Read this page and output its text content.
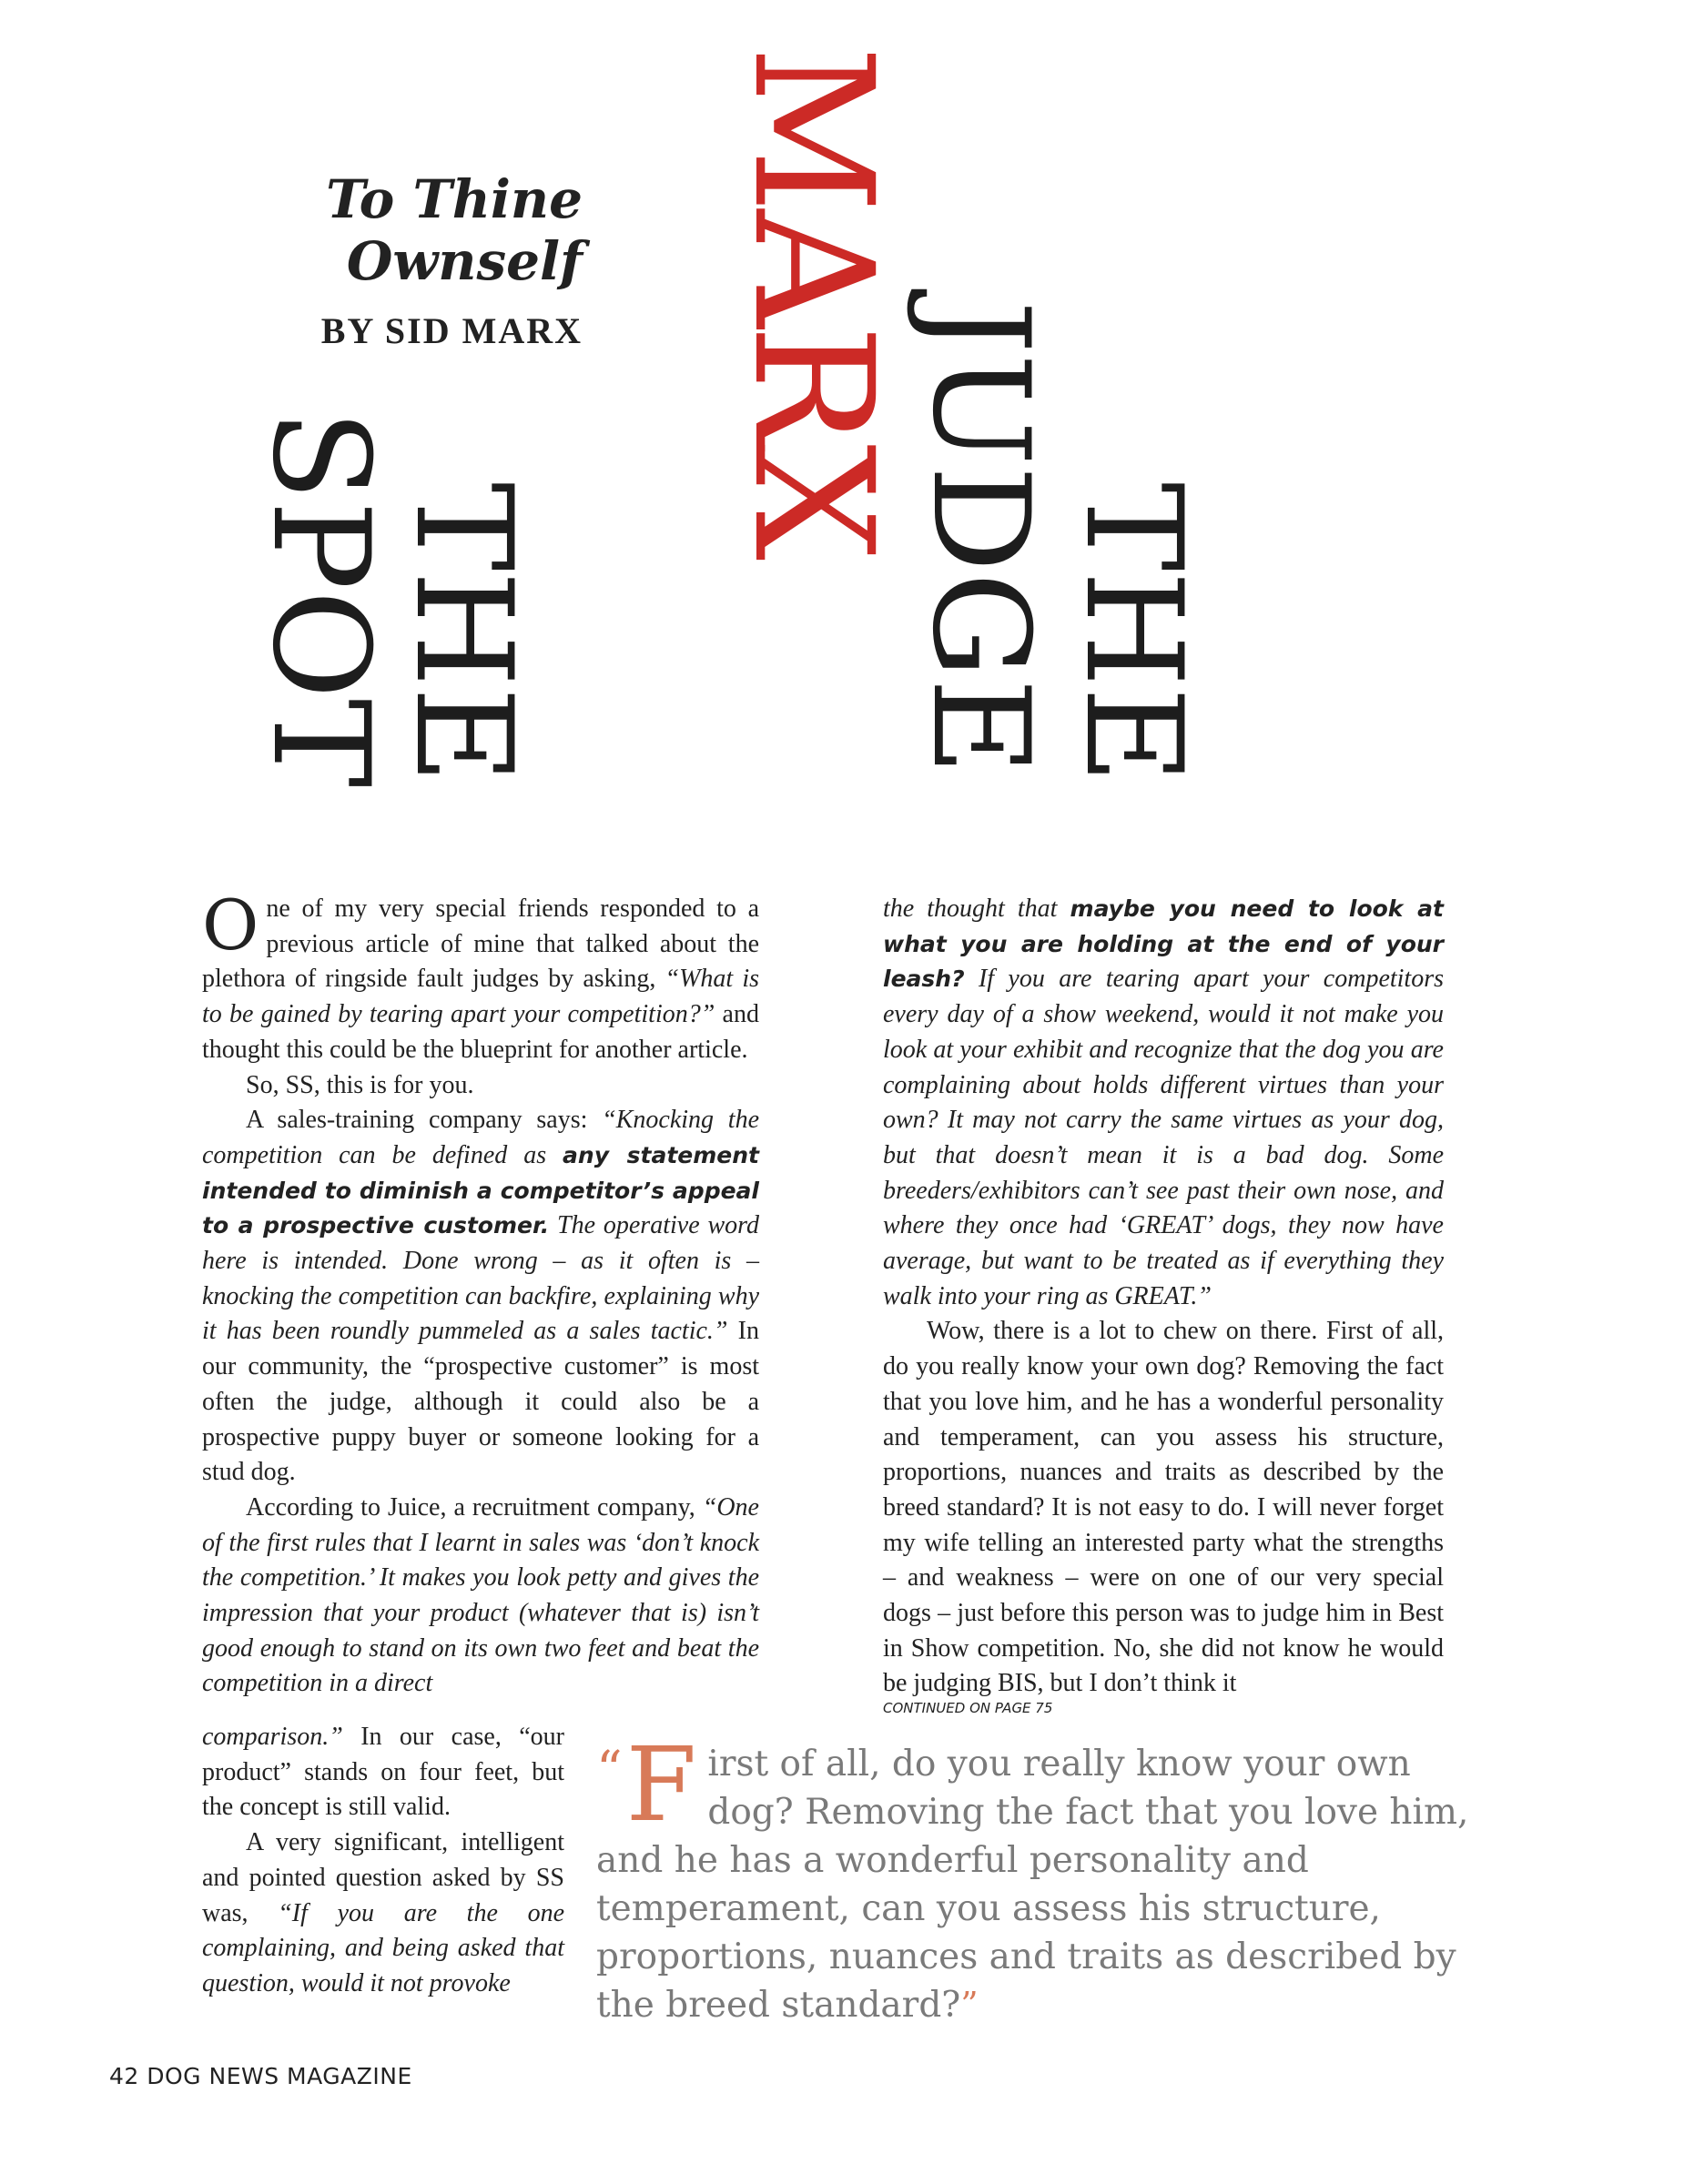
To Thine Ownself
BY SID MARX
THE
JUDGE
MARX
THE
SPOT

One of my very special friends responded to a previous article of mine that talked about the plethora of ringside fault judges by asking, “What is to be gained by tearing apart your competition?” and thought this could be the blueprint for another article.

So, SS, this is for you.

A sales-training company says: “Knocking the competition can be defined as any statement intended to diminish a competitor’s appeal to a prospective customer. The operative word here is intended. Done wrong – as it often is – knocking the competition can backfire, explaining why it has been roundly pummeled as a sales tactic.” In our community, the “prospective customer” is most often the judge, although it could also be a prospective puppy buyer or someone looking for a stud dog.

According to Juice, a recruitment company, “One of the first rules that I learnt in sales was ‘don’t knock the competition.’ It makes you look petty and gives the impression that your product (whatever that is) isn’t good enough to stand on its own two feet and beat the competition in a direct

comparison.” In our case, “our product” stands on four feet, but the concept is still valid.

A very significant, intelligent and pointed question asked by SS was, “If you are the one complaining, and being asked that question, would it not provoke

the thought that maybe you need to look at what you are holding at the end of your leash? If you are tearing apart your competitors every day of a show weekend, would it not make you look at your exhibit and recognize that the dog you are complaining about holds different virtues than your own? It may not carry the same virtues as your dog, but that doesn’t mean it is a bad dog. Some breeders/exhibitors can’t see past their own nose, and where they once had ‘GREAT’ dogs, they now have average, but want to be treated as if everything they walk into your ring as GREAT.”

Wow, there is a lot to chew on there. First of all, do you really know your own dog? Removing the fact that you love him, and he has a wonderful personality and temperament, can you assess his structure, proportions, nuances and traits as described by the breed standard? It is not easy to do. I will never forget my wife telling an interested party what the strengths – and weakness – were on one of our very special dogs – just before this person was to judge him in Best in Show competition. No, she did not know he would be judging BIS, but I don’t think it

CONTINUED ON PAGE 75
“ F irst of all, do you really know your own dog? Removing the fact that you love him, and he has a wonderful personality and temperament, can you assess his structure, proportions, nuances and traits as described by the breed standard?”
42 DOG NEWS MAGAZINE
